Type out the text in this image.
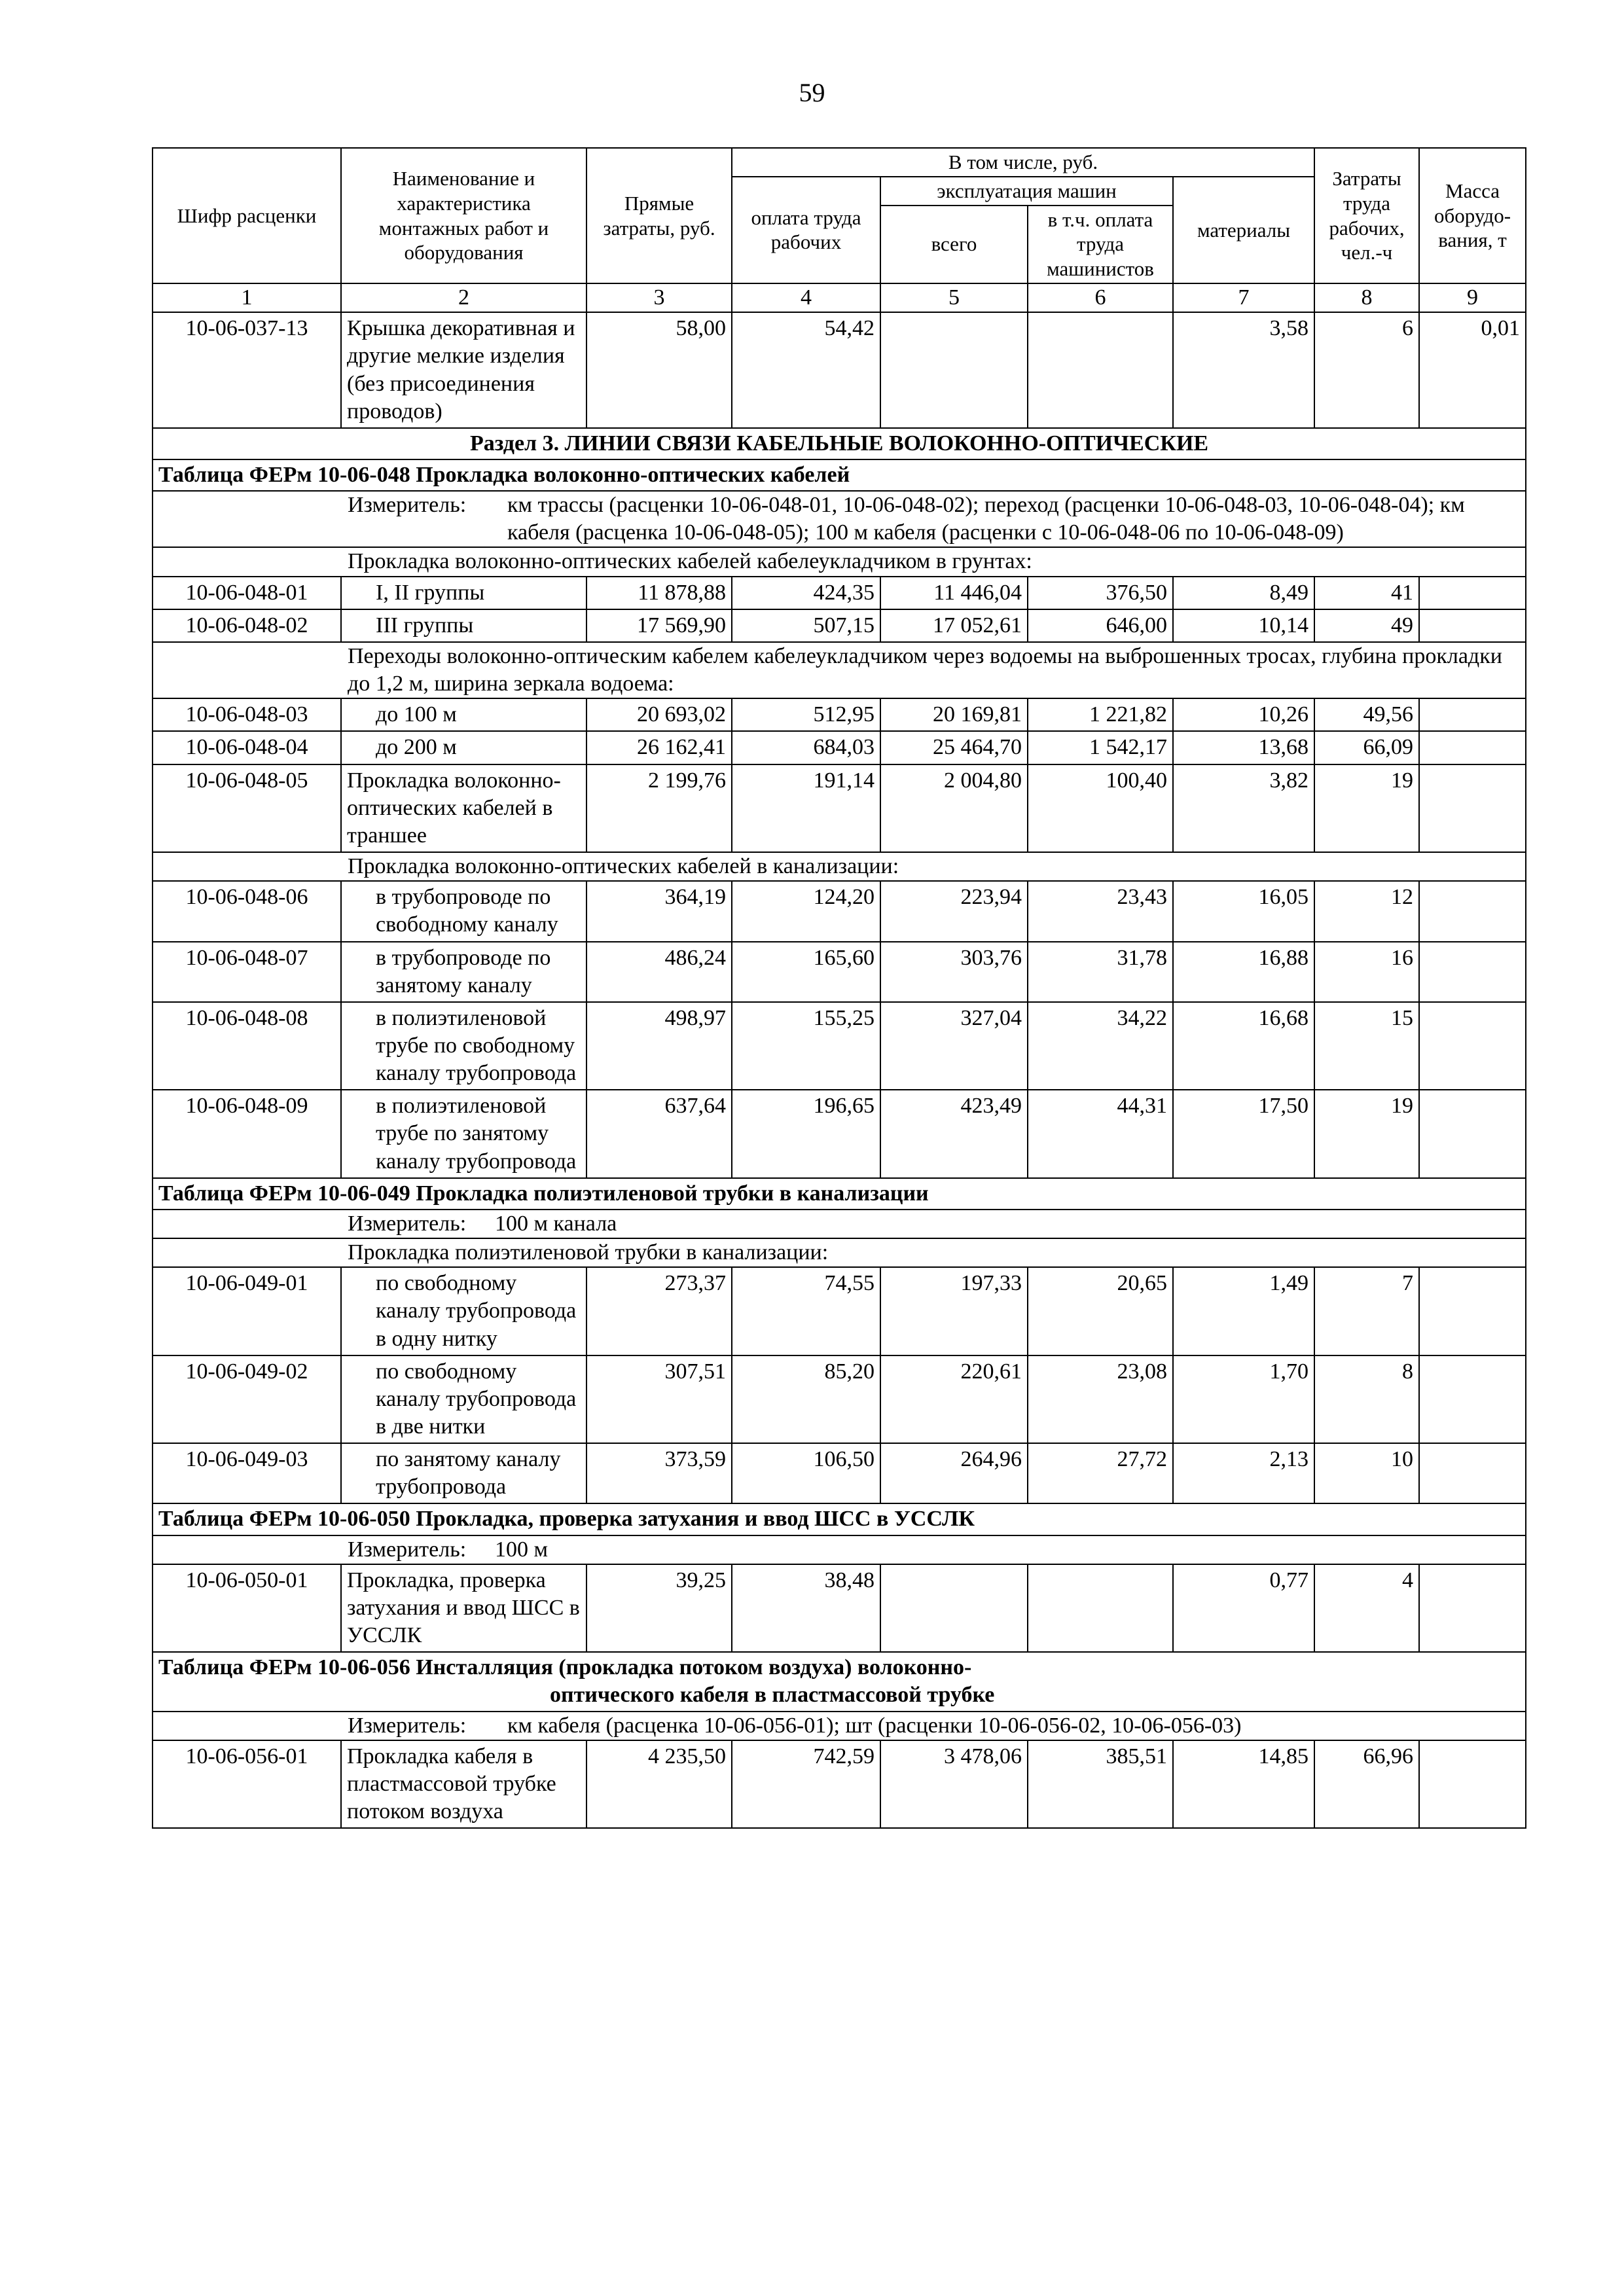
59
Шифр расценки	Наименование и характеристика монтажных работ и оборудования	Прямые затраты, руб.	В том числе, руб.				Затраты труда рабочих, чел.-ч	Масса оборудо-вания, т
			оплата труда рабочих	эксплуатация машин		материалы		
				всего	в т.ч. оплата труда машинистов			
1	2	3	4	5	6	7	8	9
10-06-037-13	Крышка декоративная и другие мелкие изделия (без присоединения проводов)	58,00	54,42			3,58	6	0,01
Раздел 3. ЛИНИИ СВЯЗИ КАБЕЛЬНЫЕ ВОЛОКОННО-ОПТИЧЕСКИЕ								
Таблица ФЕРм 10-06-048 Прокладка волоконно-оптических кабелей								

Измеритель: км трассы (расценки 10-06-048-01, 10-06-048-02); переход (расценки 10-06-048-03, 10-06-048-04); км кабеля (расценка 10-06-048-05); 100 м кабеля (расценки с 10-06-048-06 по 10-06-048-09)								

Прокладка волоконно-оптических кабелей кабелеукладчиком в грунтах:								
10-06-048-01	I, II группы	11 878,88	424,35	11 446,04	376,50	8,49	41	
10-06-048-02	III группы	17 569,90	507,15	17 052,61	646,00	10,14	49	
Переходы волоконно-оптическим кабелем кабелеукладчиком через водоемы на выброшенных тросах, глубина прокладки до 1,2 м, ширина зеркала водоема:								
10-06-048-03	до 100 м	20 693,02	512,95	20 169,81	1 221,82	10,26	49,56	
10-06-048-04	до 200 м	26 162,41	684,03	25 464,70	1 542,17	13,68	66,09	
10-06-048-05	Прокладка волоконно-оптических кабелей в траншее	2 199,76	191,14	2 004,80	100,40	3,82	19	
Прокладка волоконно-оптических кабелей в канализации:								
10-06-048-06	в трубопроводе по свободному каналу	364,19	124,20	223,94	23,43	16,05	12	
10-06-048-07	в трубопроводе по занятому каналу	486,24	165,60	303,76	31,78	16,88	16	
10-06-048-08	в полиэтиленовой трубе по свободному каналу трубопровода	498,97	155,25	327,04	34,22	16,68	15	
10-06-048-09	в полиэтиленовой трубе по занятому каналу трубопровода	637,64	196,65	423,49	44,31	17,50	19	
Таблица ФЕРм 10-06-049 Прокладка полиэтиленовой трубки в канализации								

Измеритель: 100 м канала								

Прокладка полиэтиленовой трубки в канализации:								
10-06-049-01	по свободному каналу трубопровода в одну нитку	273,37	74,55	197,33	20,65	1,49	7	
10-06-049-02	по свободному каналу трубопровода в две нитки	307,51	85,20	220,61	23,08	1,70	8	
10-06-049-03	по занятому каналу трубопровода	373,59	106,50	264,96	27,72	2,13	10	
Таблица ФЕРм 10-06-050 Прокладка, проверка затухания и ввод ШСС в УССЛК								

Измеритель: 100 м								

10-06-050-01	Прокладка, проверка затухания и ввод ШСС в УССЛК	39,25	38,48			0,77	4	
Таблица ФЕРм 10-06-056 Инсталляция (прокладка потоком воздуха) волоконно-
оптического кабеля в пластмассовой трубке								

Измеритель: км кабеля (расценка 10-06-056-01); шт (расценки 10-06-056-02, 10-06-056-03)								

10-06-056-01	Прокладка кабеля в пластмассовой трубке потоком воздуха	4 235,50	742,59	3 478,06	385,51	14,85	66,96	
